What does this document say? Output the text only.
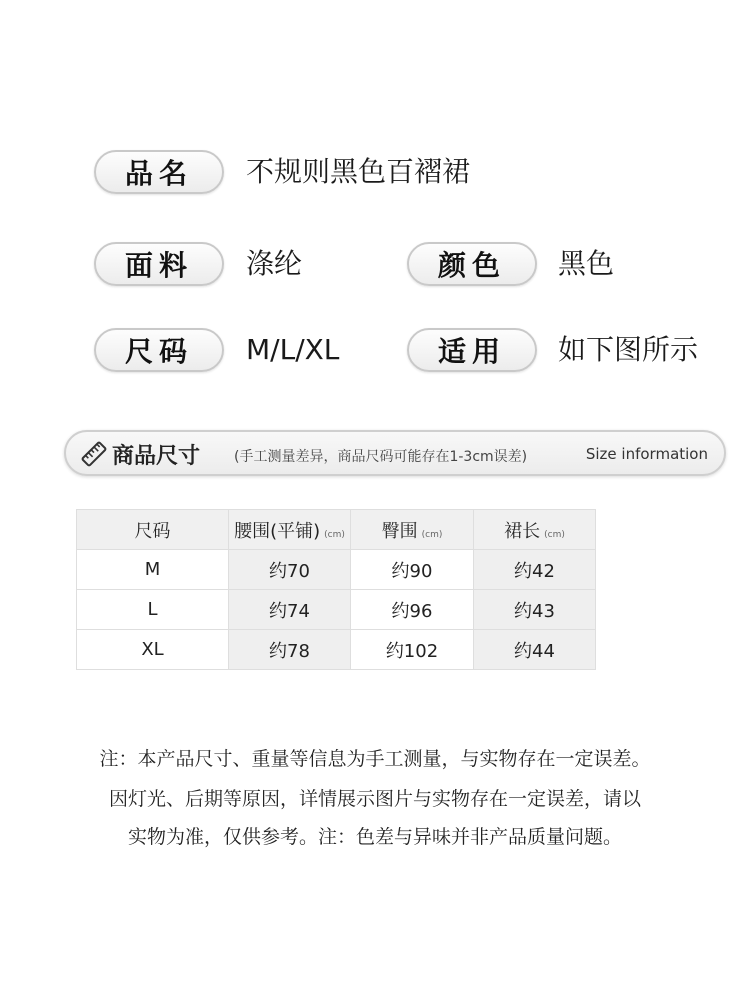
品名 不规则黑色百褶裙
面料 涤纶	颜色 黑色
尺码 M/L/XL	适用 如下图所示
商品尺寸 (手工测量差异，商品尺码可能存在1-3cm误差)	Size information
尺码	腰围(平铺) (cm)	臀围 (cm)	裙长 (cm)
M	约70	约90	约42
L	约74	约96	约43
XL	约78	约102	约44
注：本产品尺寸、重量等信息为手工测量，与实物存在一定误差。
因灯光、后期等原因，详情展示图片与实物存在一定误差，请以
实物为准，仅供参考。注：色差与异味并非产品质量问题。
